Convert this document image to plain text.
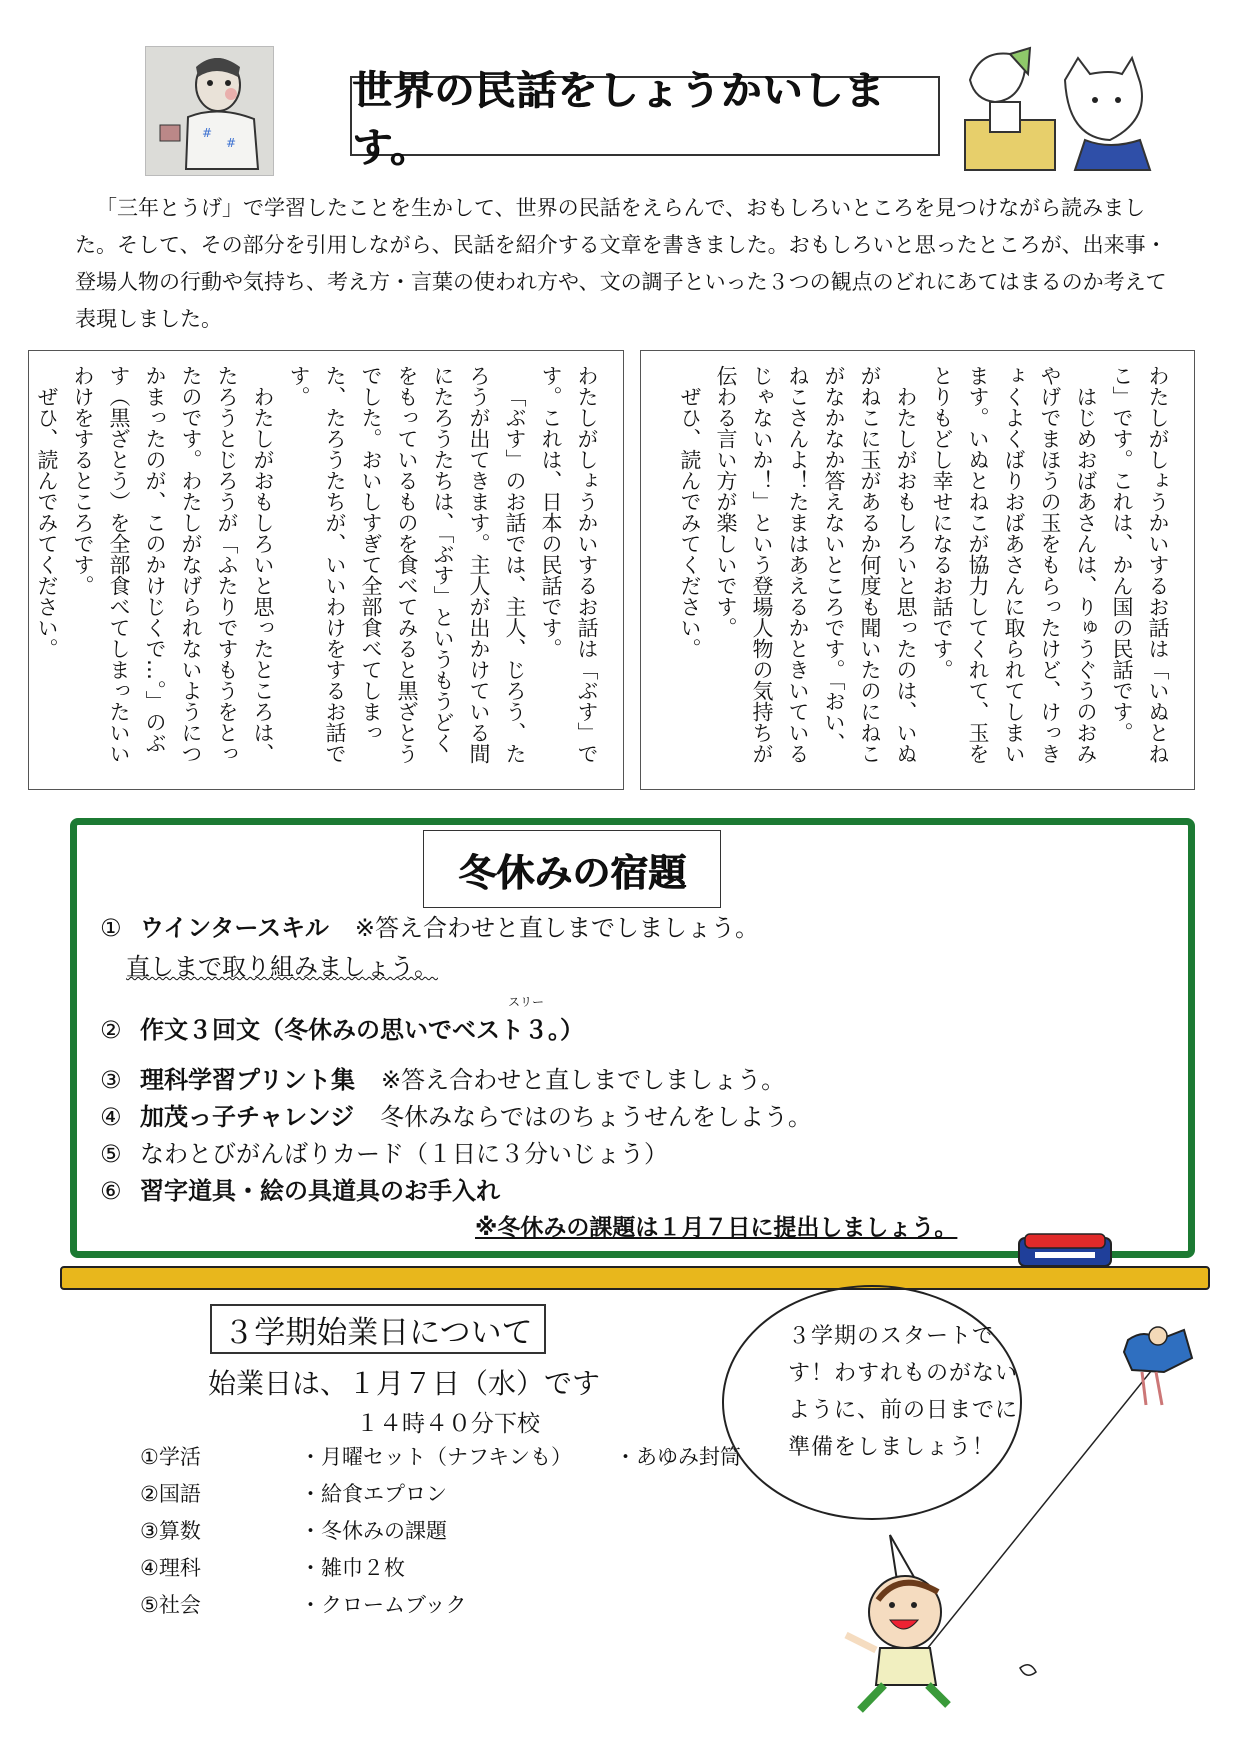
#
#
世界の民話をしょうかいします。

「三年とうげ」で学習したことを生かして、世界の民話をえらんで、おもしろいところを見つけながら読みました。そして、その部分を引用しながら、民話を紹介する文章を書きました。おもしろいと思ったところが、出来事・登場人物の行動や気持ち、考え方・言葉の使われ方や、文の調子といった３つの観点のどれにあてはまるのか考えて表現しました。

わたしがしょうかいするお話は「いぬとねこ」です。これは、かん国の民話です。

はじめおばあさんは、りゅうぐうのおみやげでまほうの玉をもらったけど、けっきょくよくばりおばあさんに取られてしまいます。いぬとねこが協力してくれて、玉をとりもどし幸せになるお話です。

わたしがおもしろいと思ったのは、いぬがねこに玉があるか何度も聞いたのにねこがなかなか答えないところです。「おい、ねこさんよ！たまはあえるかときいているじゃないか！」という登場人物の気持ちが伝わる言い方が楽しいです。

ぜひ、読んでみてください。

わたしがしょうかいするお話は「ぶす」です。これは、日本の民話です。

「ぶす」のお話では、主人、じろう、たろうが出てきます。主人が出かけている間にたろうたちは、「ぶす」というもうどくをもっているものを食べてみると黒ざとうでした。おいしすぎて全部食べてしまった、たろうたちが、いいわけをするお話です。

わたしがおもしろいと思ったところは、たろうとじろうが「ふたりですもうをとったのです。わたしがなげられないようにつかまったのが、このかけじくで…。」のぶす（黒ざとう）を全部食べてしまったいいわけをするところです。

ぜひ、読んでみてください。

冬休みの宿題
① ウインタースキル ※答え合わせと直しまでしましょう。
直しまで取り組みましょう。
② 作文３回文（冬休みの思いでベスト３
スリー
。）
③ 理科学習プリント集 ※答え合わせと直しまでしましょう。
④ 加茂っ子チャレンジ 冬休みならではのちょうせんをしよう。
⑤ なわとびがんばりカード（１日に３分いじょう）
⑥ 習字道具・絵の具道具のお手入れ
※冬休みの課題は１月７日に提出しましょう。
３学期始業日について
始業日は、１月７日（水）です
１４時４０分下校
①学活
②国語
③算数
④理科
⑤社会
・月曜セット（ナフキンも）
・給食エプロン
・冬休みの課題
・雑巾２枚
・クロームブック
・あゆみ封筒

３学期のスタートです！わすれものがないように、前の日までに準備をしましょう！
